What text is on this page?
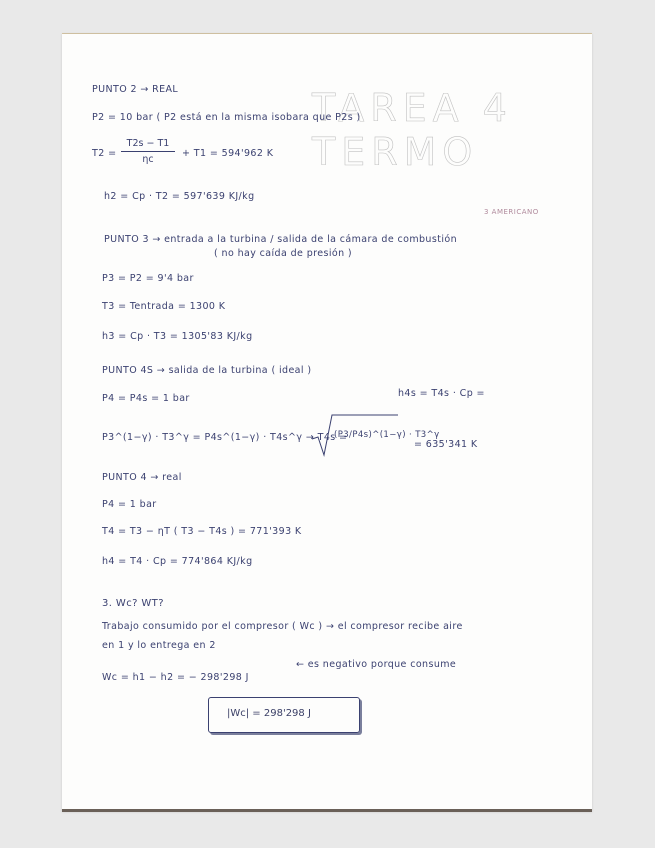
TAREA 4 TERMO
3 AMERICANO
PUNTO 2 → REAL
P2 = 10 bar ( P2 está en la misma isobara que P2s )
T2 =
T2s − T1
ηc
+ T1 = 594'962 K
h2 = Cp · T2 = 597'639 KJ/kg
PUNTO 3 → entrada a la turbina / salida de la cámara de combustión
( no hay caída de presión )
P3 = P2 = 9'4 bar
T3 = Tentrada = 1300 K
h3 = Cp · T3 = 1305'83 KJ/kg
PUNTO 4S → salida de la turbina ( ideal )
h4s = T4s · Cp =
P4 = P4s = 1 bar
P3^(1−γ) · T3^γ = P4s^(1−γ) · T4s^γ → T4s =
(P3/P4s)^(1−γ) · T3^γ
= 635'341 K
PUNTO 4 → real
P4 = 1 bar
T4 = T3 − ηT ( T3 − T4s ) = 771'393 K
h4 = T4 · Cp = 774'864 KJ/kg
3. Wc? WT?
Trabajo consumido por el compresor ( Wc ) → el compresor recibe aire
en 1 y lo entrega en 2
← es negativo porque consume
Wc = h1 − h2 = − 298'298 J
|Wc| = 298'298 J
